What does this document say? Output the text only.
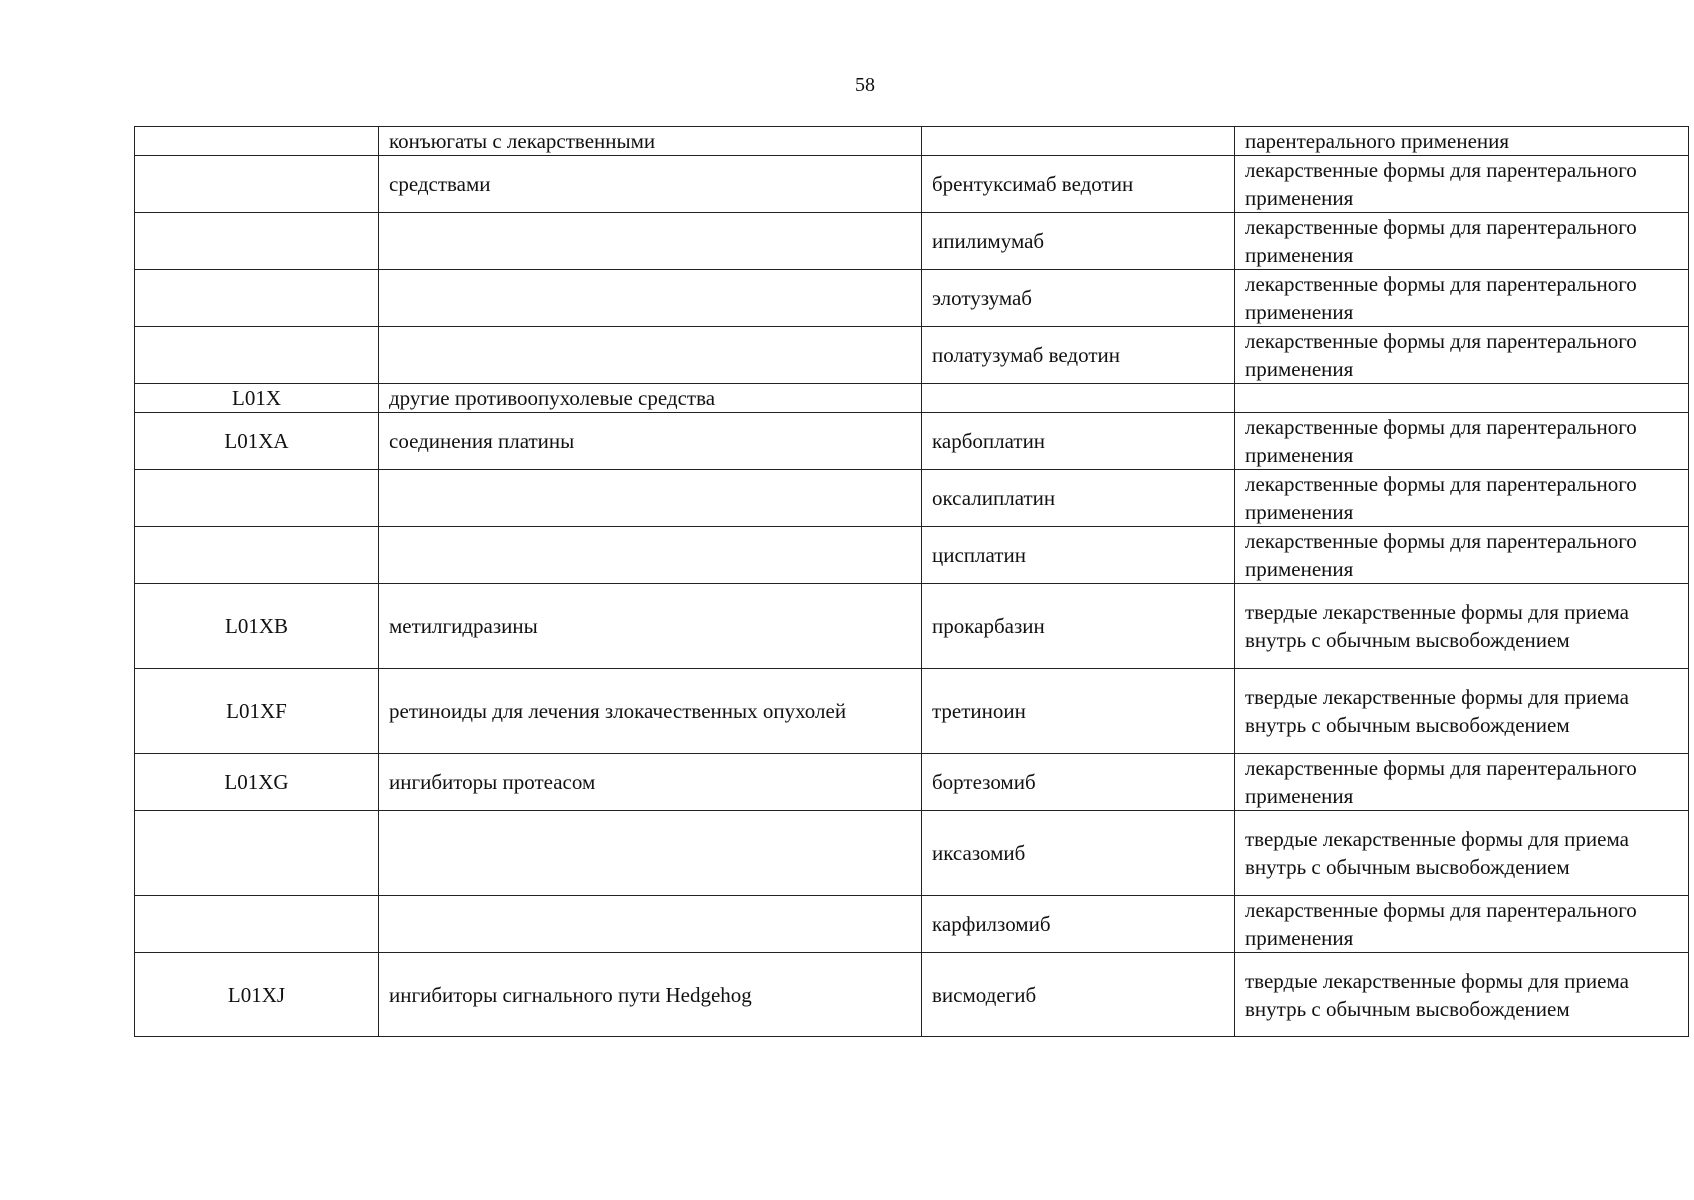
58
	конъюгаты с лекарственными		парентерального применения
	средствами	брентуксимаб ведотин	лекарственные формы для парентерального применения
		ипилимумаб	лекарственные формы для парентерального применения
		элотузумаб	лекарственные формы для парентерального применения
		полатузумаб ведотин	лекарственные формы для парентерального применения
L01X	другие противоопухолевые средства		
L01XA	соединения платины	карбоплатин	лекарственные формы для парентерального применения
		оксалиплатин	лекарственные формы для парентерального применения
		цисплатин	лекарственные формы для парентерального применения
L01XB	метилгидразины	прокарбазин	твердые лекарственные формы для приема внутрь с обычным высвобождением
L01XF	ретиноиды для лечения злокачественных опухолей	третиноин	твердые лекарственные формы для приема внутрь с обычным высвобождением
L01XG	ингибиторы протеасом	бортезомиб	лекарственные формы для парентерального применения
		иксазомиб	твердые лекарственные формы для приема внутрь с обычным высвобождением
		карфилзомиб	лекарственные формы для парентерального применения
L01XJ	ингибиторы сигнального пути Hedgehog	висмодегиб	твердые лекарственные формы для приема внутрь с обычным высвобождением
